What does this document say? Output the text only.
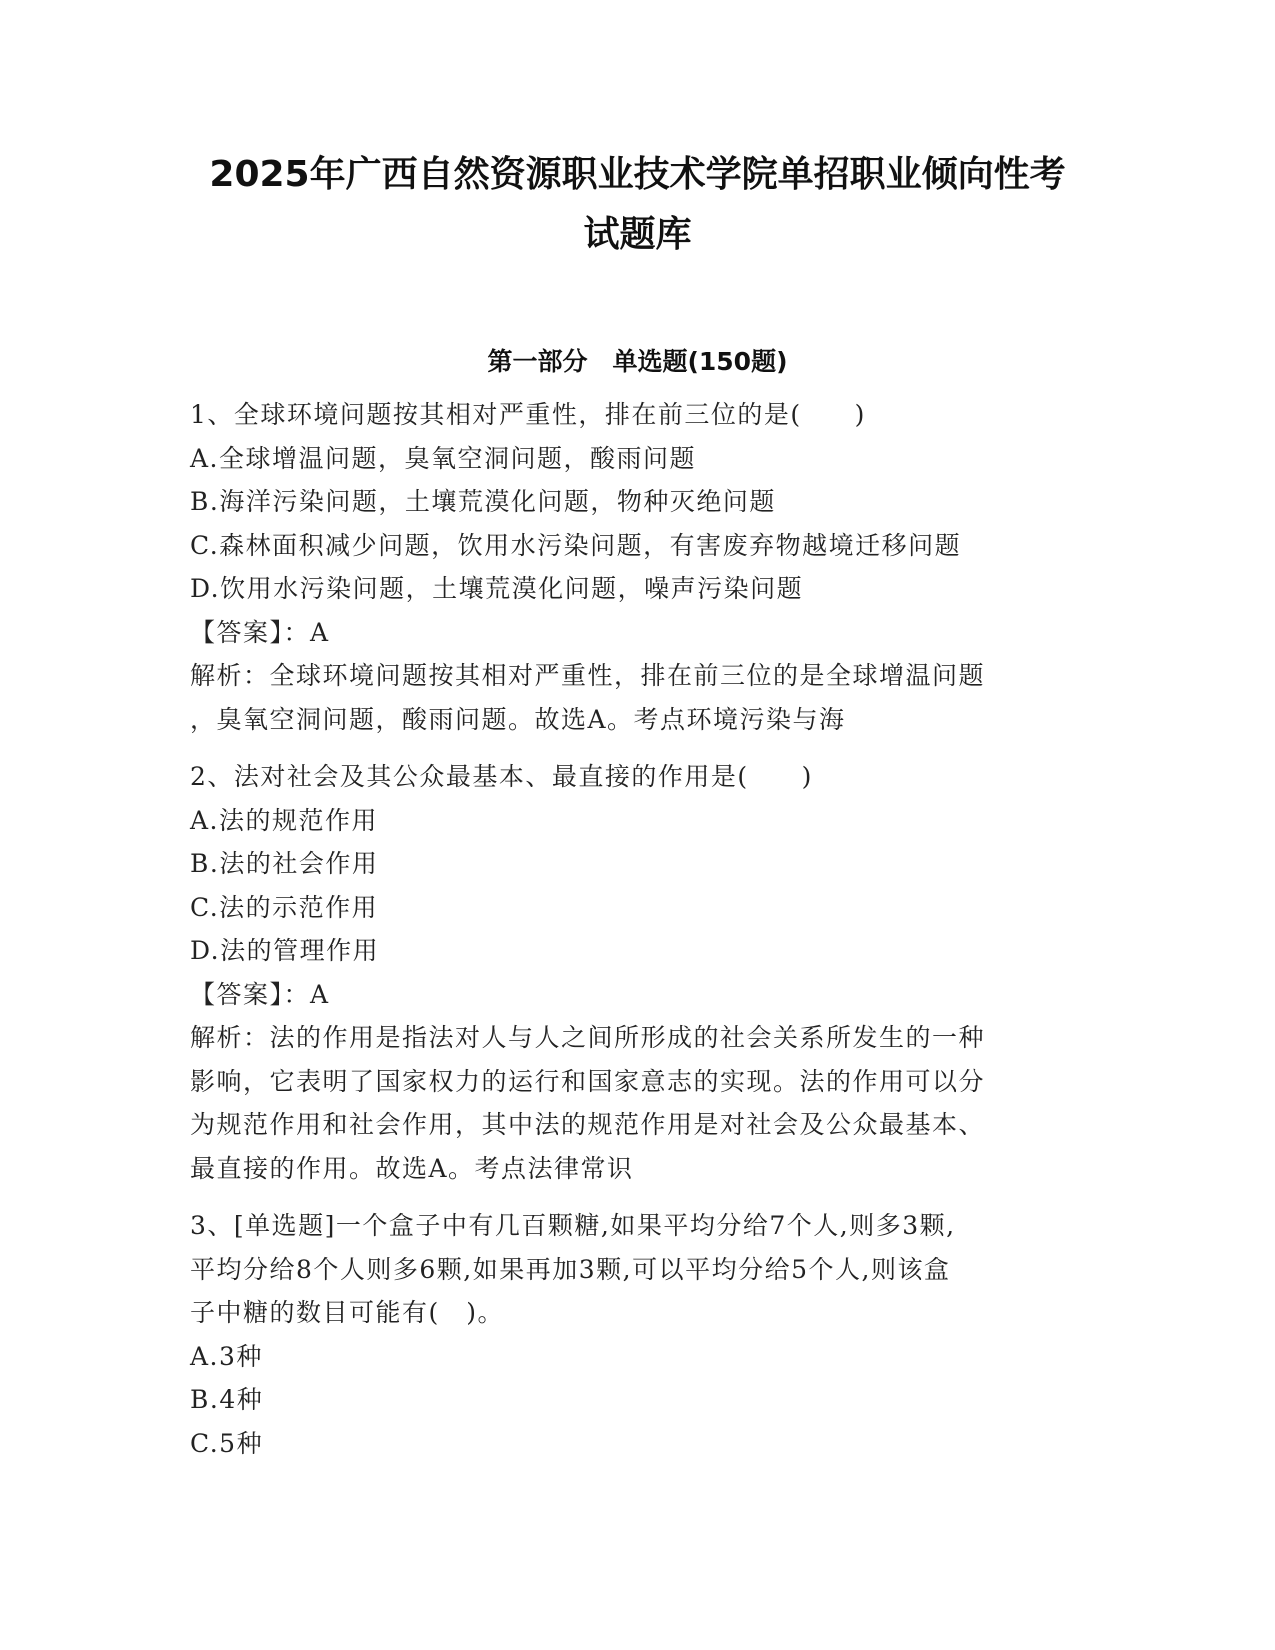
2025年广西自然资源职业技术学院单招职业倾向性考
试题库
第一部分　单选题(150题)
1、全球环境问题按其相对严重性，排在前三位的是(　　)
A.全球增温问题，臭氧空洞问题，酸雨问题
B.海洋污染问题，土壤荒漠化问题，物种灭绝问题
C.森林面积减少问题，饮用水污染问题，有害废弃物越境迁移问题
D.饮用水污染问题，土壤荒漠化问题，噪声污染问题
【答案】：A
解析：全球环境问题按其相对严重性，排在前三位的是全球增温问题
，臭氧空洞问题，酸雨问题。故选A。考点环境污染与海
2、法对社会及其公众最基本、最直接的作用是(　　)
A.法的规范作用
B.法的社会作用
C.法的示范作用
D.法的管理作用
【答案】：A
解析：法的作用是指法对人与人之间所形成的社会关系所发生的一种
影响，它表明了国家权力的运行和国家意志的实现。法的作用可以分
为规范作用和社会作用，其中法的规范作用是对社会及公众最基本、
最直接的作用。故选A。考点法律常识
3、[单选题]一个盒子中有几百颗糖,如果平均分给7个人,则多3颗,
平均分给8个人则多6颗,如果再加3颗,可以平均分给5个人,则该盒
子中糖的数目可能有(　)。
A.3种
B.4种
C.5种
